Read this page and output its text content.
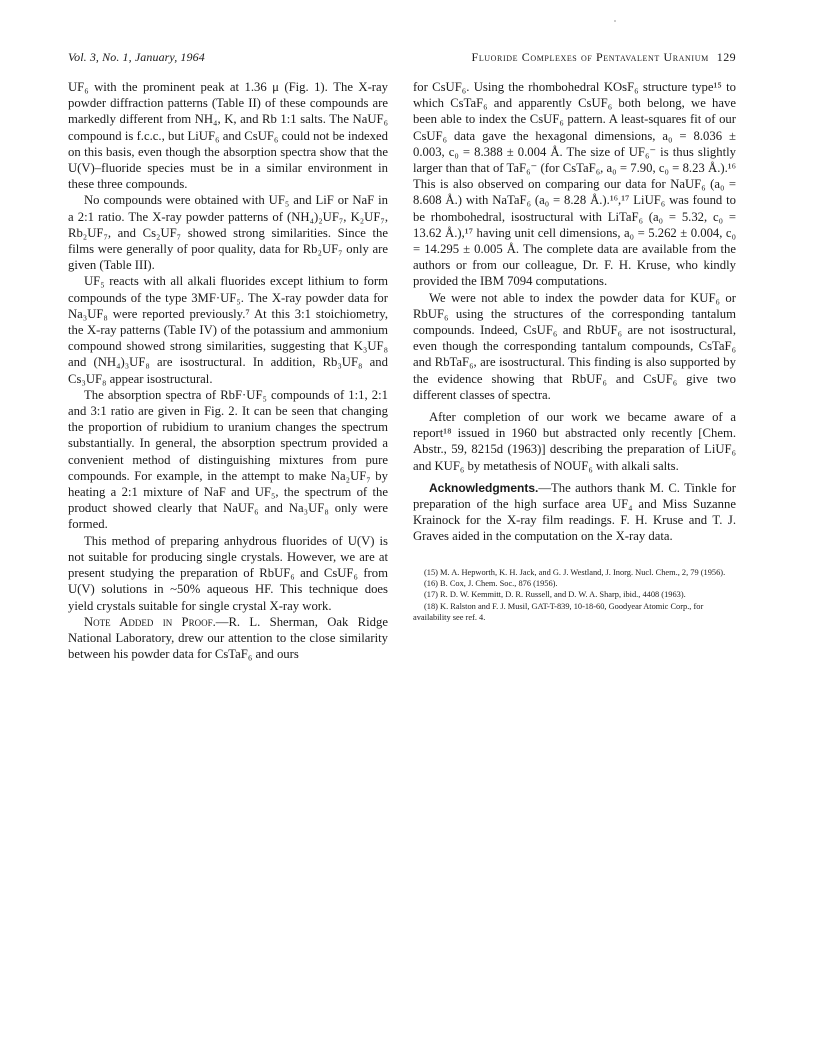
Vol. 3, No. 1, January, 1964	Fluoride Complexes of Pentavalent Uranium 129

UF₆ with the prominent peak at 1.36 μ (Fig. 1). The X-ray powder diffraction patterns (Table II) of these compounds are markedly different from NH₄, K, and Rb 1:1 salts. The NaUF₆ compound is f.c.c., but LiUF₆ and CsUF₆ could not be indexed on this basis, even though the absorption spectra show that the U(V)–fluoride species must be in a similar environment in these three compounds.

No compounds were obtained with UF₅ and LiF or NaF in a 2:1 ratio. The X-ray powder patterns of (NH₄)₂UF₇, K₂UF₇, Rb₂UF₇, and Cs₂UF₇ showed strong similarities. Since the films were generally of poor quality, data for Rb₂UF₇ only are given (Table III).

UF₅ reacts with all alkali fluorides except lithium to form compounds of the type 3MF·UF₅. The X-ray powder data for Na₃UF₈ were reported previously.⁷ At this 3:1 stoichiometry, the X-ray patterns (Table IV) of the potassium and ammonium compound showed strong similarities, suggesting that K₃UF₈ and (NH₄)₃UF₈ are isostructural. In addition, Rb₃UF₈ and Cs₃UF₈ appear isostructural.

The absorption spectra of RbF·UF₅ compounds of 1:1, 2:1 and 3:1 ratio are given in Fig. 2. It can be seen that changing the proportion of rubidium to uranium changes the spectrum substantially. In general, the absorption spectrum provided a convenient method of distinguishing mixtures from pure compounds. For example, in the attempt to make Na₂UF₇ by heating a 2:1 mixture of NaF and UF₅, the spectrum of the product showed clearly that NaUF₆ and Na₃UF₈ only were formed.

This method of preparing anhydrous fluorides of U(V) is not suitable for producing single crystals. However, we are at present studying the preparation of RbUF₆ and CsUF₆ from U(V) solutions in ~50% aqueous HF. This technique does yield crystals suitable for single crystal X-ray work.

Note Added in Proof.—R. L. Sherman, Oak Ridge National Laboratory, drew our attention to the close similarity between his powder data for CsTaF₆ and ours

for CsUF₆. Using the rhombohedral KOsF₆ structure type¹⁵ to which CsTaF₆ and apparently CsUF₆ both belong, we have been able to index the CsUF₆ pattern. A least-squares fit of our CsUF₆ data gave the hexagonal dimensions, a₀ = 8.036 ± 0.003, c₀ = 8.388 ± 0.004 Å. The size of UF₆⁻ is thus slightly larger than that of TaF₆⁻ (for CsTaF₆, a₀ = 7.90, c₀ = 8.23 Å.).¹⁶ This is also observed on comparing our data for NaUF₆ (a₀ = 8.608 Å.) with NaTaF₆ (a₀ = 8.28 Å.).¹⁶,¹⁷ LiUF₆ was found to be rhombohedral, isostructural with LiTaF₆ (a₀ = 5.32, c₀ = 13.62 Å.),¹⁷ having unit cell dimensions, a₀ = 5.262 ± 0.004, c₀ = 14.295 ± 0.005 Å. The complete data are available from the authors or from our colleague, Dr. F. H. Kruse, who kindly provided the IBM 7094 computations.

We were not able to index the powder data for KUF₆ or RbUF₆ using the structures of the corresponding tantalum compounds. Indeed, CsUF₆ and RbUF₆ are not isostructural, even though the corresponding tantalum compounds, CsTaF₆ and RbTaF₆, are isostructural. This finding is also supported by the evidence showing that RbUF₆ and CsUF₆ give two different classes of spectra.

After completion of our work we became aware of a report¹⁸ issued in 1960 but abstracted only recently [Chem. Abstr., 59, 8215d (1963)] describing the preparation of LiUF₆ and KUF₆ by metathesis of NOUF₆ with alkali salts.

Acknowledgments.—The authors thank M. C. Tinkle for preparation of the high surface area UF₄ and Miss Suzanne Krainock for the X-ray film readings. F. H. Kruse and T. J. Graves aided in the computation on the X-ray data.

(15) M. A. Hepworth, K. H. Jack, and G. J. Westland, J. Inorg. Nucl. Chem., 2, 79 (1956).

(16) B. Cox, J. Chem. Soc., 876 (1956).

(17) R. D. W. Kemmitt, D. R. Russell, and D. W. A. Sharp, ibid., 4408 (1963).

(18) K. Ralston and F. J. Musil, GAT-T-839, 10-18-60, Goodyear Atomic Corp., for availability see ref. 4.
